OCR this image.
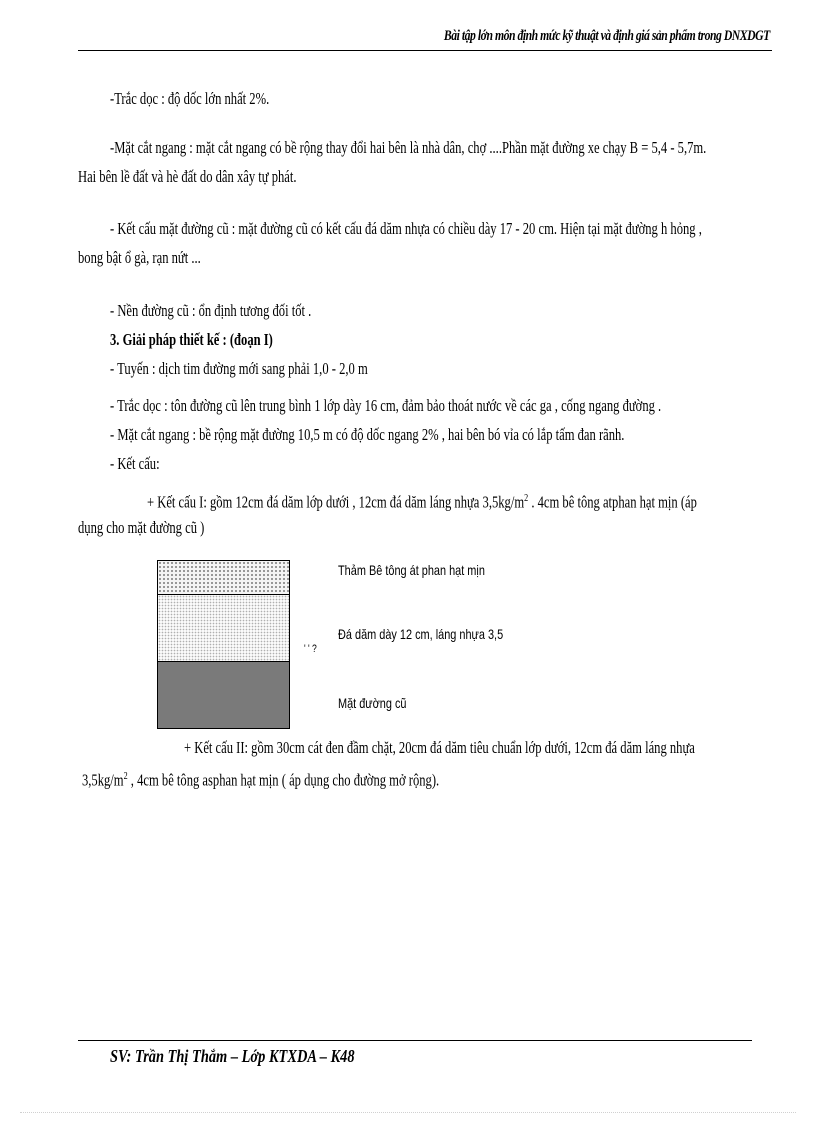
Bài tập lớn môn định mức kỹ thuật và định giá sản phẩm trong DNXDGT
-Trắc dọc : độ dốc lớn nhất 2%.
-Mặt cắt ngang : mặt cắt ngang có bề rộng thay đổi hai bên là nhà dân, chợ ....Phần mặt đường xe chạy B = 5,4 - 5,7m.
Hai bên lề đất và hè đất do dân xây tự phát.
- Kết cấu mặt đường cũ : mặt đường cũ có kết cấu đá dăm nhựa có chiều dày 17 - 20 cm. Hiện tại mặt đường h hỏng ,
bong bật ổ gà, rạn nứt ...
- Nền đường cũ : ổn định tương đối tốt .
3. Giải pháp thiết kế : (đoạn I)
- Tuyến : dịch tim đường mới sang phải 1,0 - 2,0 m
- Trắc dọc : tôn đường cũ lên trung bình 1 lớp dày 16 cm, đảm bảo thoát nước về các ga , cống ngang đường .
- Mặt cắt ngang : bề rộng mặt đường 10,5 m có độ dốc ngang 2% , hai bên bó vỉa có lắp tấm đan rãnh.
- Kết cấu:
+ Kết cấu I: gồm 12cm đá dăm lớp dưới , 12cm đá dăm láng nhựa $3,5kg/m^2$ . 4cm bê tông atphan hạt mịn (áp
dụng cho mặt đường cũ )
Thảm Bê tông át phan hạt mịn
Đá dăm dày 12 cm, láng nhựa 3,5
' ' ?
Mặt đường cũ
+ Kết cấu II: gồm 30cm cát đen đầm chặt, 20cm đá dăm tiêu chuẩn lớp dưới, 12cm đá dăm láng nhựa
$3,5kg/m^2$ , 4cm bê tông asphan hạt mịn ( áp dụng cho đường mở rộng).
SV: Trần Thị Thắm – Lớp KTXDA – K48
